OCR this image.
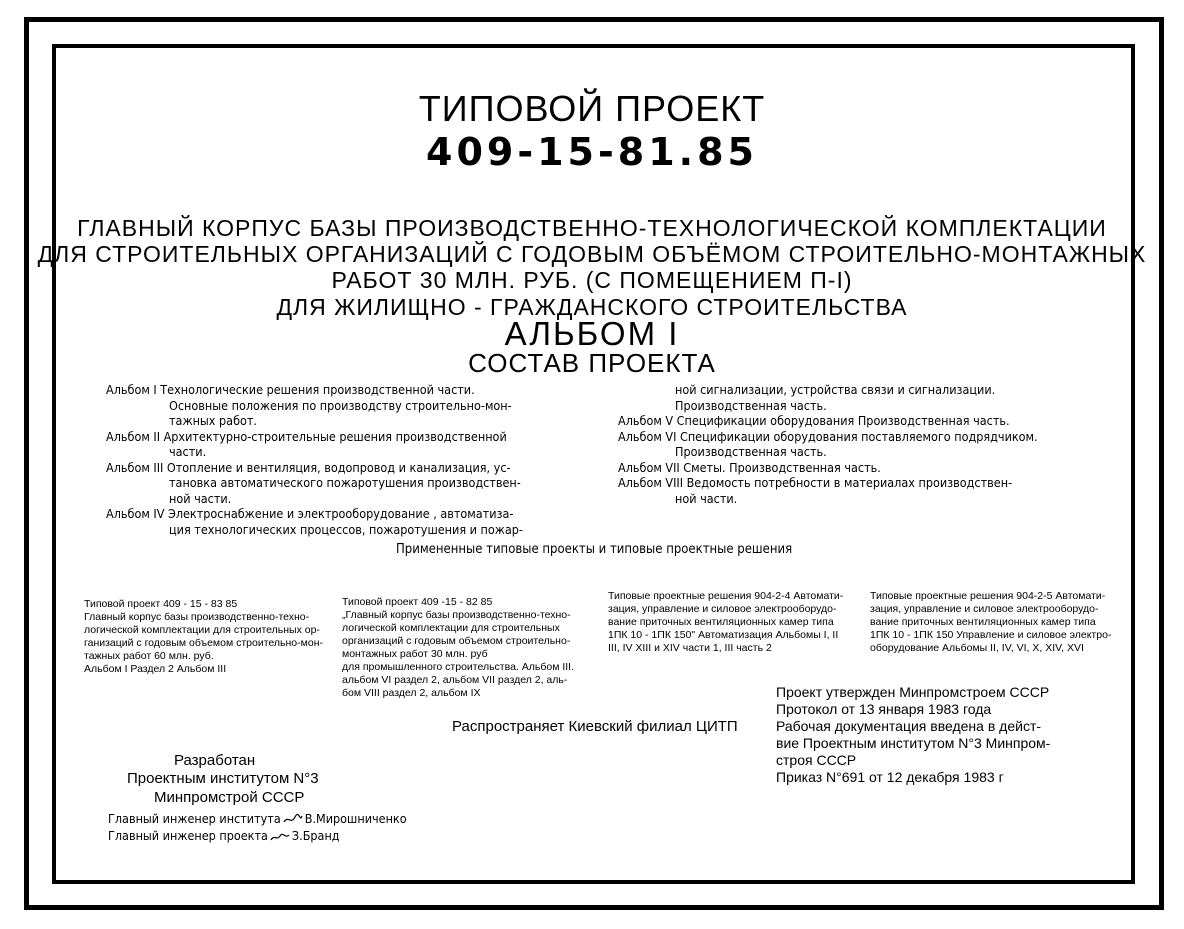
ТИПОВОЙ ПРОЕКТ
409-15-81.85
ГЛАВНЫЙ КОРПУС БАЗЫ ПРОИЗВОДСТВЕННО-ТЕХНОЛОГИЧЕСКОЙ КОМПЛЕКТАЦИИ
ДЛЯ СТРОИТЕЛЬНЫХ ОРГАНИЗАЦИЙ С ГОДОВЫМ ОБЪЁМОМ СТРОИТЕЛЬНО-МОНТАЖНЫХ
РАБОТ 30 МЛН. РУБ. (С ПОМЕЩЕНИЕМ П-I)
ДЛЯ ЖИЛИЩНО - ГРАЖДАНСКОГО СТРОИТЕЛЬСТВА
АЛЬБОМ I
СОСТАВ ПРОЕКТА
Альбом I Технологические решения производственной части.
Основные положения по производству строительно-мон-
тажных работ.
Альбом II Архитектурно-строительные решения производственной
части.
Альбом III Отопление и вентиляция, водопровод и канализация, ус-
тановка автоматического пожаротушения производствен-
ной части.
Альбом IV Электроснабжение и электрооборудование , автоматиза-
ция технологических процессов, пожаротушения и пожар-
ной сигнализации, устройства связи и сигнализации.
Производственная часть.
Альбом V Спецификации оборудования Производственная часть.
Альбом VI Спецификации оборудования поставляемого подрядчиком.
Производственная часть.
Альбом VII Сметы. Производственная часть.
Альбом VIII Ведомость потребности в материалах производствен-
ной части.
Примененные типовые проекты и типовые проектные решения
Типовой проект 409 - 15 - 83 85
Главный корпус базы производственно-техно-
логической комплектации для строительных ор-
ганизаций с годовым объемом строительно-мон-
тажных работ 60 млн. руб.
Альбом I Раздел 2 Альбом III
Типовой проект 409 -15 - 82 85
„Главный корпус базы производственно-техно-
логической комплектации для строительных
организаций с годовым объемом строительно-
монтажных работ 30 млн. руб
для промышленного строительства. Альбом III.
альбом VI раздел 2, альбом VII раздел 2, аль-
бом VIII раздел 2, альбом IX
Типовые проектные решения 904-2-4 Автомати-
зация, управление и силовое электрооборудо-
вание приточных вентиляционных камер типа
1ПК 10 - 1ПК 150" Автоматизация Альбомы I, II
III, IV XIII и XIV части 1, III часть 2
Типовые проектные решения 904-2-5 Автомати-
зация, управление и силовое электрооборудо-
вание приточных вентиляционных камер типа
1ПК 10 - 1ПК 150 Управление и силовое электро-
оборудование Альбомы II, IV, VI, X, XIV, XVI
Проект утвержден Минпромстроем СССР
Протокол от 13 января 1983 года
Рабочая документация введена в дейст-
вие Проектным институтом N°3 Минпром-
строя СССР
Приказ N°691 от 12 декабря 1983 г
Распространяет Киевский филиал ЦИТП
Разработан
Проектным институтом N°3
Минпромстрой СССР
Главный инженер института В.Мирошниченко
Главный инженер проекта З.Бранд
